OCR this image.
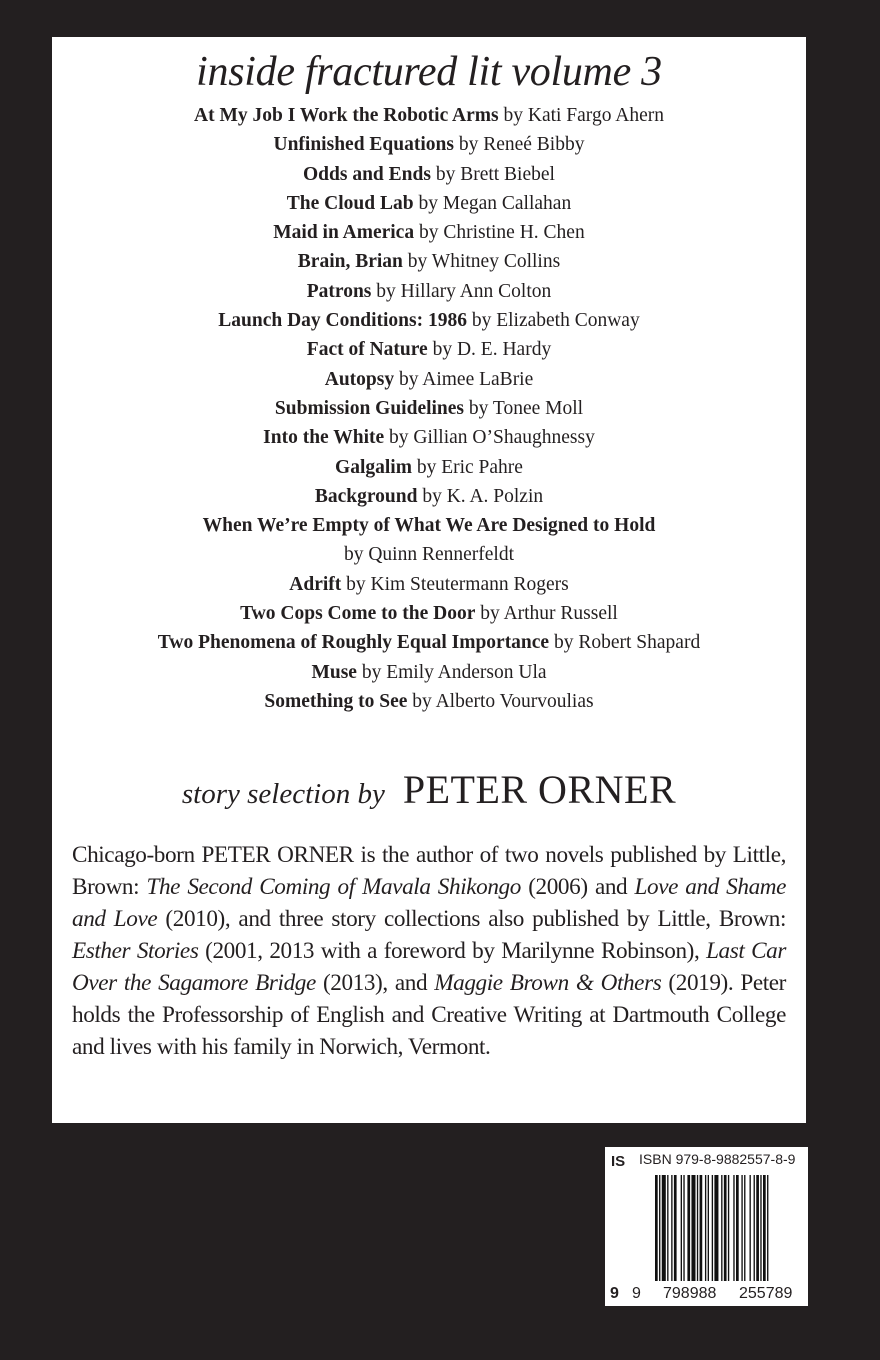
inside fractured lit volume 3
At My Job I Work the Robotic Arms by Kati Fargo Ahern
Unfinished Equations by Reneé Bibby
Odds and Ends by Brett Biebel
The Cloud Lab by Megan Callahan
Maid in America by Christine H. Chen
Brain, Brian by Whitney Collins
Patrons by Hillary Ann Colton
Launch Day Conditions: 1986 by Elizabeth Conway
Fact of Nature by D. E. Hardy
Autopsy by Aimee LaBrie
Submission Guidelines by Tonee Moll
Into the White by Gillian O’Shaughnessy
Galgalim by Eric Pahre
Background by K. A. Polzin
When We’re Empty of What We Are Designed to Hold
by Quinn Rennerfeldt
Adrift by Kim Steutermann Rogers
Two Cops Come to the Door by Arthur Russell
Two Phenomena of Roughly Equal Importance by Robert Shapard
Muse by Emily Anderson Ula
Something to See by Alberto Vourvoulias
story selection by PETER ORNER
Chicago-born PETER ORNER is the author of two novels published by Little, Brown: The Second Coming of Mavala Shikongo (2006) and Love and Shame and Love (2010), and three story collections also published by Little, Brown: Esther Stories (2001, 2013 with a foreword by Marilynne Robinson), Last Car Over the Sagamore Bridge (2013), and Maggie Brown & Others (2019). Peter holds the Professorship of English and Creative Writing at Dartmouth College and lives with his family in Norwich, Vermont.
IS ISBN 979-8-9882557-8-9
9 9 798988 255789
